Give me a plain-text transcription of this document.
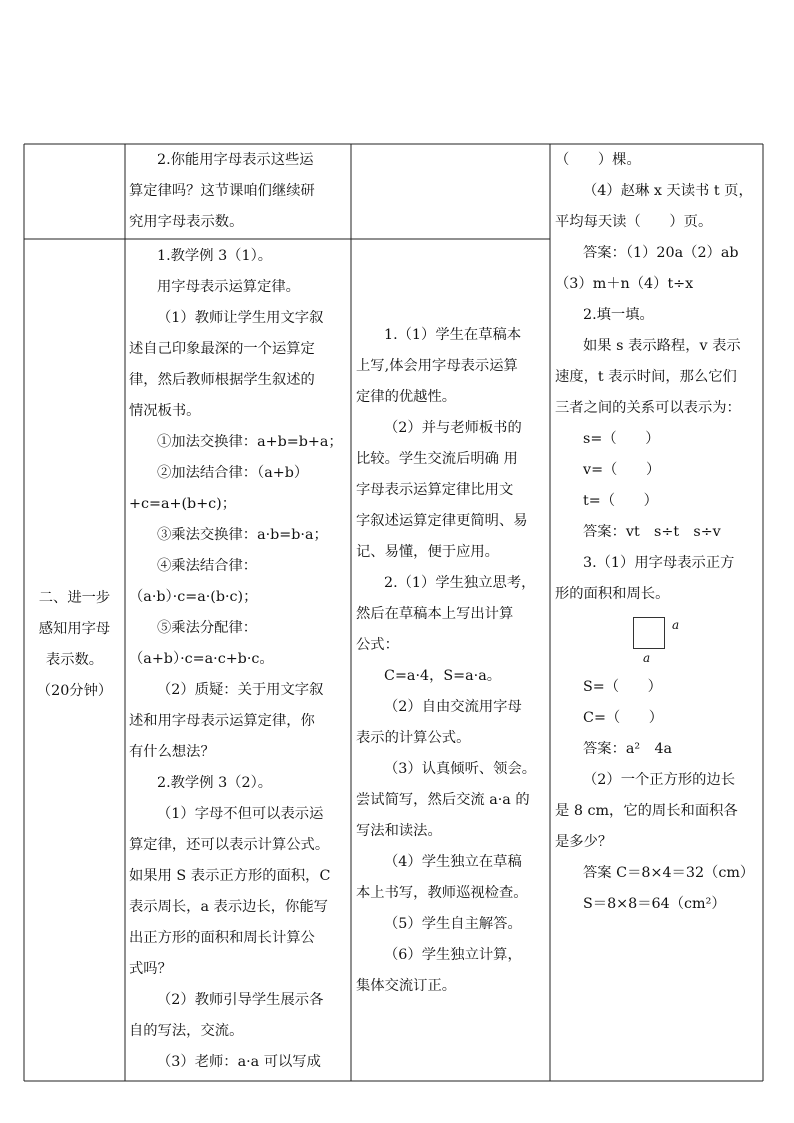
二、进一步

感知用字母

表示数。

（20分钟）

2.你能用字母表示这些运

算定律吗？这节课咱们继续研

究用字母表示数。

1.教学例 3（1）。

用字母表示运算定律。

（1）教师让学生用文字叙

述自己印象最深的一个运算定

律，然后教师根据学生叙述的

情况板书。

①加法交换律：a+b=b+a；

②加法结合律：（a+b）

+c=a+(b+c)；

③乘法交换律：a·b=b·a；

④乘法结合律：

（a·b）·c=a·(b·c)；

⑤乘法分配律：

（a+b）·c=a·c+b·c。

（2）质疑：关于用文字叙

述和用字母表示运算定律，你

有什么想法？

2.教学例 3（2）。

（1）字母不但可以表示运

算定律，还可以表示计算公式。

如果用 S 表示正方形的面积，C

表示周长，a 表示边长，你能写

出正方形的面积和周长计算公

式吗？

（2）教师引导学生展示各

自的写法，交流。

（3）老师：a·a 可以写成

1.（1）学生在草稿本

上写,体会用字母表示运算

定律的优越性。

（2）并与老师板书的

比较。学生交流后明确 用

字母表示运算定律比用文

字叙述运算定律更简明、易

记、易懂，便于应用。

2.（1）学生独立思考，

然后在草稿本上写出计算

公式：

C=a·4，S=a·a。

（2）自由交流用字母

表示的计算公式。

（3）认真倾听、领会。

尝试简写，然后交流 a·a 的

写法和读法。

（4）学生独立在草稿

本上书写，教师巡视检查。

（5）学生自主解答。

（6）学生独立计算，

集体交流订正。

（　　）棵。

（4）赵琳 x 天读书 t 页，

平均每天读（　　）页。

答案：（1）20a（2）ab

（3）m＋n（4）t÷x

2.填一填。

如果 s 表示路程，v 表示

速度，t 表示时间，那么它们

三者之间的关系可以表示为：

s=（　　）

v=（　　）

t=（　　）

答案：vt　s÷t　s÷v

3.（1）用字母表示正方

形的面积和周长。

a
a

S=（　　）

C=（　　）

答案：a²　4a

（2）一个正方形的边长

是 8 cm，它的周长和面积各

是多少？

答案 C＝8×4＝32（cm）

S＝8×8＝64（cm²）
